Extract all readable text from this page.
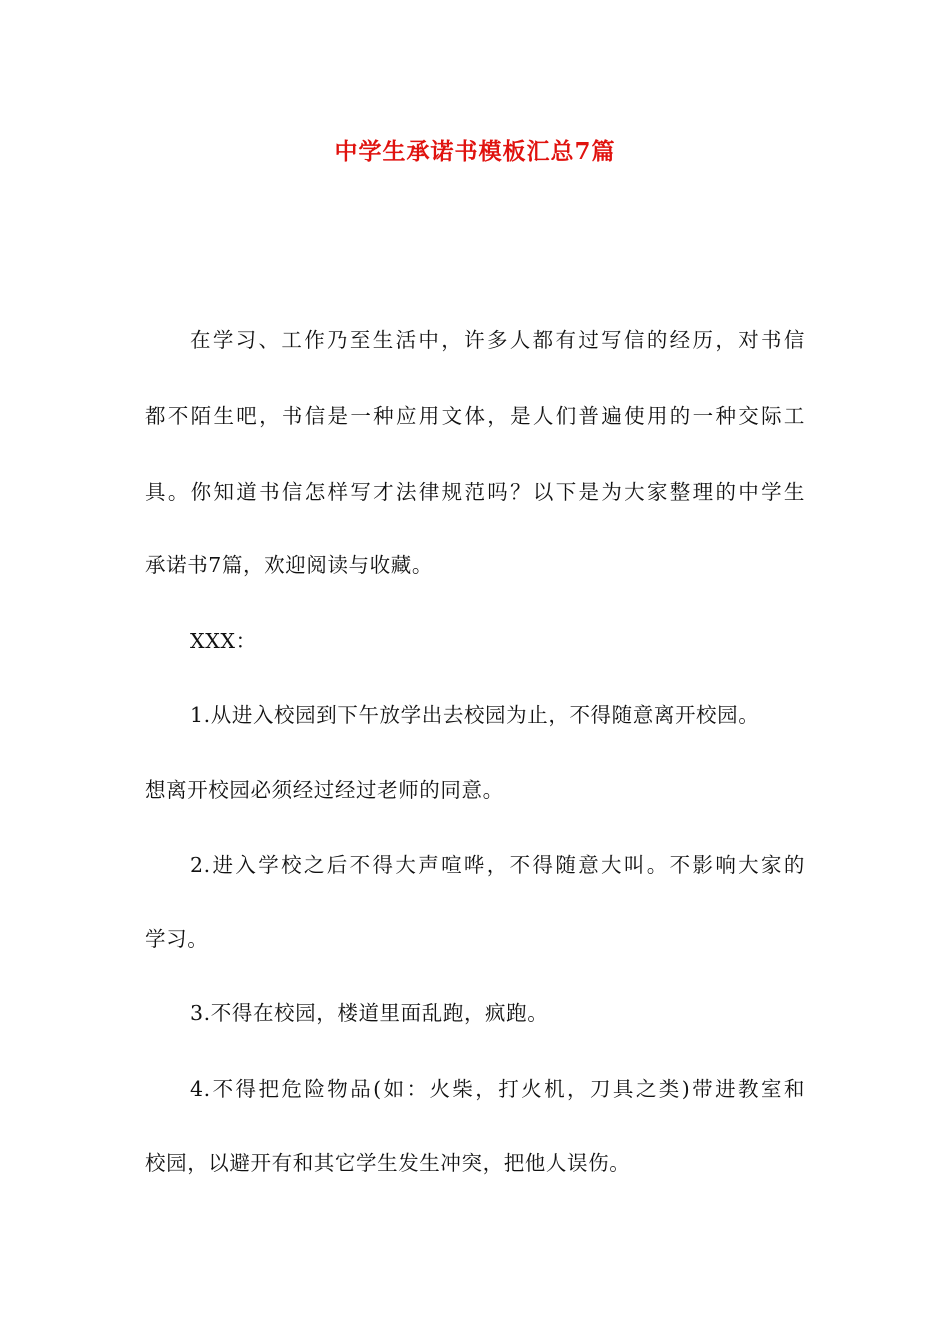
中学生承诺书模板汇总7篇

在学习、工作乃至生活中，许多人都有过写信的经历，对书信

都不陌生吧，书信是一种应用文体，是人们普遍使用的一种交际工

具。你知道书信怎样写才法律规范吗？以下是为大家整理的中学生

承诺书7篇，欢迎阅读与收藏。

XXX：

1.从进入校园到下午放学出去校园为止，不得随意离开校园。

想离开校园必须经过经过老师的同意。

2.进入学校之后不得大声喧哗，不得随意大叫。不影响大家的

学习。

3.不得在校园，楼道里面乱跑，疯跑。

4.不得把危险物品(如：火柴，打火机，刀具之类)带进教室和

校园，以避开有和其它学生发生冲突，把他人误伤。
